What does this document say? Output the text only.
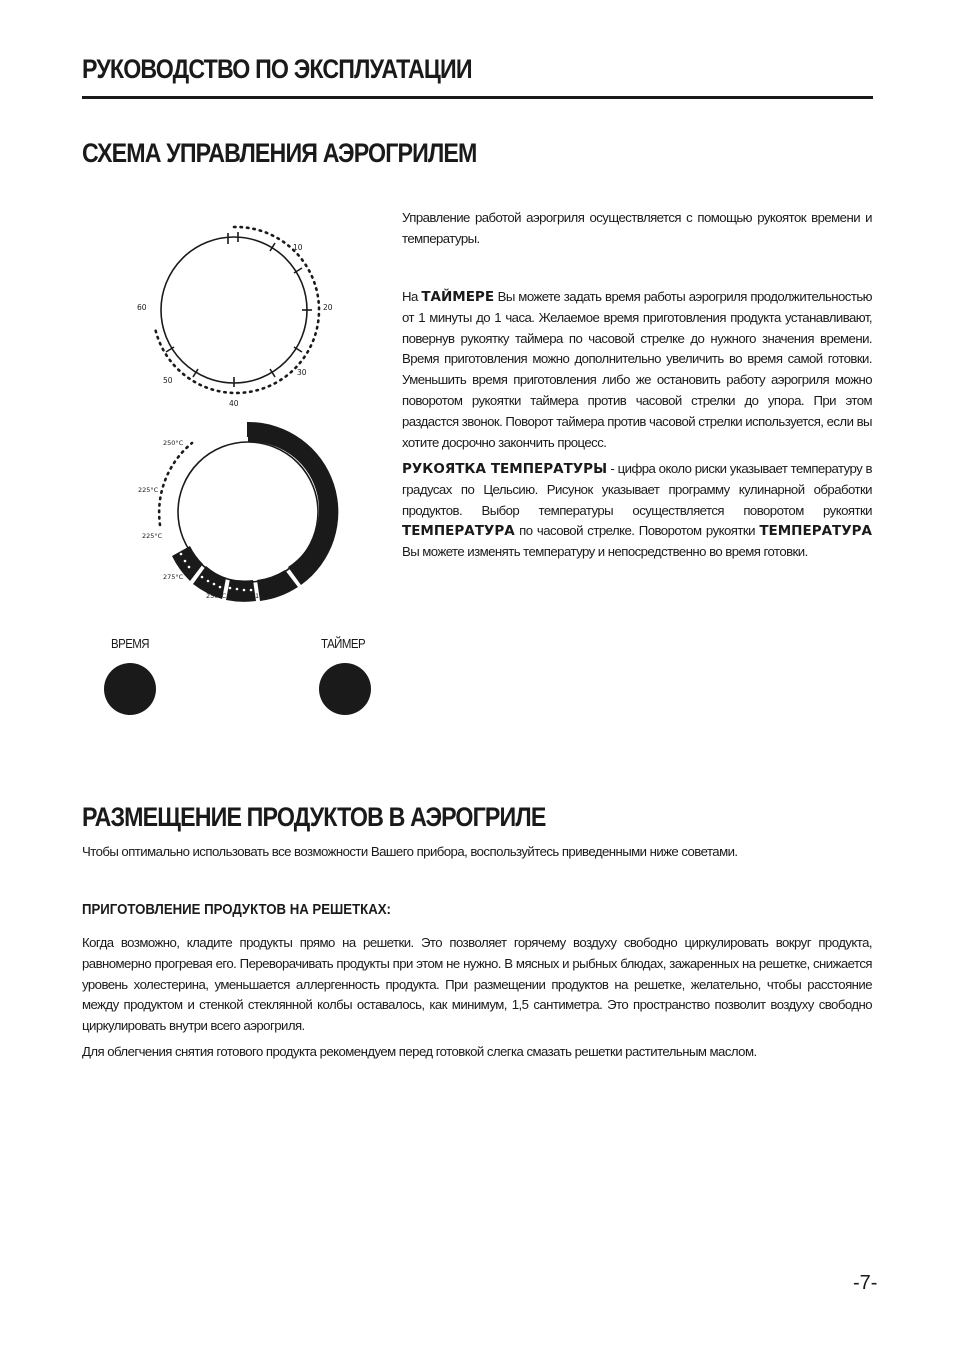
РУКОВОДСТВО ПО ЭКСПЛУАТАЦИИ
СХЕМА УПРАВЛЕНИЯ АЭРОГРИЛЕМ
Управление работой аэрогриля осуществляется с помощью рукояток времени и температуры.
На ТАЙМЕРЕ Вы можете задать время работы аэрогриля продолжительностью от 1 минуты до 1 часа. Желаемое время приготовления продукта устанавливают, повернув рукоятку таймера по часовой стрелке до нужного значения времени. Время приготовления можно дополнительно увеличить во время самой готовки. Уменьшить время приготовления либо же остановить работу аэрогриля можно поворотом рукоятки таймера против часовой стрелки до упора. При этом раздастся звонок. Поворот таймера против часовой стрелки используется, если вы хотите досрочно закончить процесс.
РУКОЯТКА ТЕМПЕРАТУРЫ - цифра около риски указывает температуру в градусах по Цельсию. Рисунок указывает программу кулинарной обработки продуктов. Выбор температуры осуществляется поворотом рукоятки ТЕМПЕРАТУРА по часовой стрелке. Поворотом рукоятки ТЕМПЕРАТУРА Вы можете изменять температуру и непосредственно во время готовки.
10
20
30
40
50
60
250°C
225°C
225°C
275°C
250°C	125°C
ВРЕМЯ	ТАЙМЕР
РАЗМЕЩЕНИЕ ПРОДУКТОВ В АЭРОГРИЛЕ
Чтобы оптимально использовать все возможности Вашего прибора, воспользуйтесь приведенными ниже советами.
ПРИГОТОВЛЕНИЕ ПРОДУКТОВ НА РЕШЕТКАХ:
Когда возможно, кладите продукты прямо на решетки. Это позволяет горячему воздуху свободно циркулировать вокруг продукта, равномерно прогревая его. Переворачивать продукты при этом не нужно. В мясных и рыбных блюдах, зажаренных на решетке, снижается уровень холестерина, уменьшается аллергенность продукта. При размещении продуктов на решетке, желательно, чтобы расстояние между продуктом и стенкой стеклянной колбы оставалось, как минимум, 1,5 сантиметра. Это пространство позволит воздуху свободно циркулировать внутри всего аэрогриля.
Для облегчения снятия готового продукта рекомендуем перед готовкой слегка смазать решетки растительным маслом.
-7-
